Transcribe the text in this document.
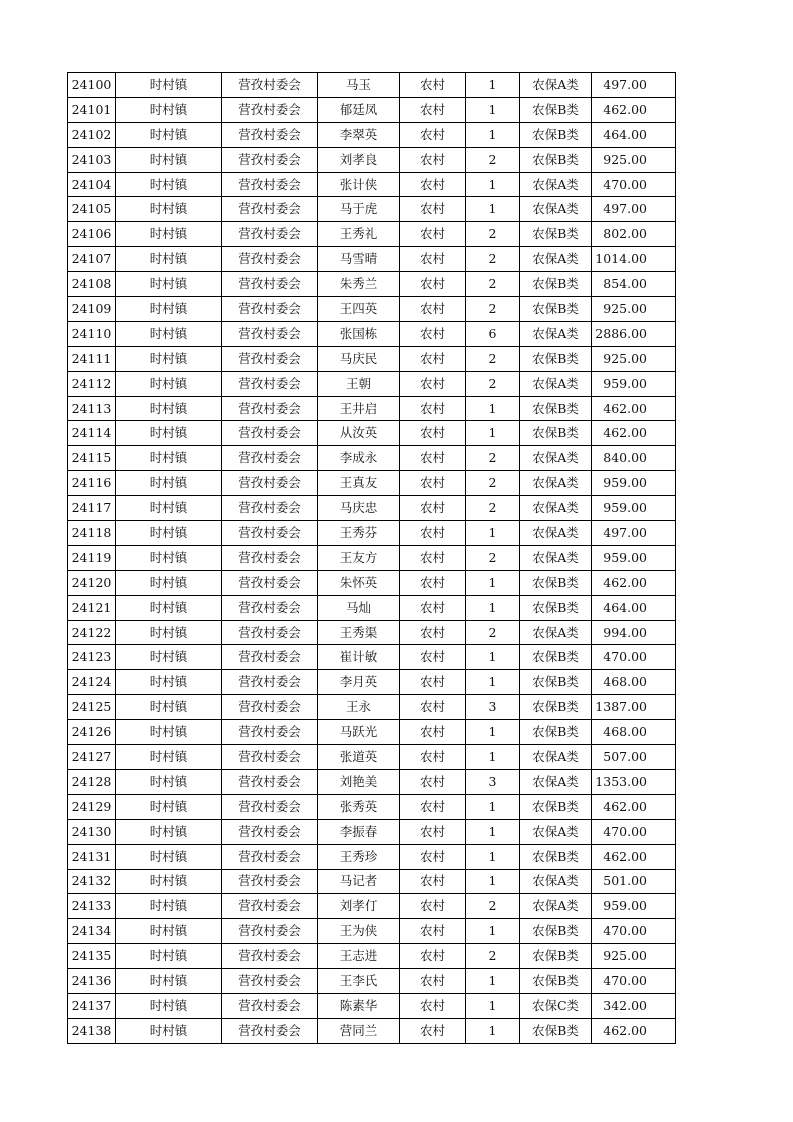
24100	时村镇	营孜村委会	马玉	农村	1	农保A类	497.00
24101	时村镇	营孜村委会	郁廷凤	农村	1	农保B类	462.00
24102	时村镇	营孜村委会	李翠英	农村	1	农保B类	464.00
24103	时村镇	营孜村委会	刘孝良	农村	2	农保B类	925.00
24104	时村镇	营孜村委会	张计侠	农村	1	农保A类	470.00
24105	时村镇	营孜村委会	马于虎	农村	1	农保A类	497.00
24106	时村镇	营孜村委会	王秀礼	农村	2	农保B类	802.00
24107	时村镇	营孜村委会	马雪晴	农村	2	农保A类	1014.00
24108	时村镇	营孜村委会	朱秀兰	农村	2	农保B类	854.00
24109	时村镇	营孜村委会	王四英	农村	2	农保B类	925.00
24110	时村镇	营孜村委会	张国栋	农村	6	农保A类	2886.00
24111	时村镇	营孜村委会	马庆民	农村	2	农保B类	925.00
24112	时村镇	营孜村委会	王朝	农村	2	农保A类	959.00
24113	时村镇	营孜村委会	王井启	农村	1	农保B类	462.00
24114	时村镇	营孜村委会	从汝英	农村	1	农保B类	462.00
24115	时村镇	营孜村委会	李成永	农村	2	农保A类	840.00
24116	时村镇	营孜村委会	王真友	农村	2	农保A类	959.00
24117	时村镇	营孜村委会	马庆忠	农村	2	农保A类	959.00
24118	时村镇	营孜村委会	王秀芬	农村	1	农保A类	497.00
24119	时村镇	营孜村委会	王友方	农村	2	农保A类	959.00
24120	时村镇	营孜村委会	朱怀英	农村	1	农保B类	462.00
24121	时村镇	营孜村委会	马灿	农村	1	农保B类	464.00
24122	时村镇	营孜村委会	王秀渠	农村	2	农保A类	994.00
24123	时村镇	营孜村委会	崔计敏	农村	1	农保B类	470.00
24124	时村镇	营孜村委会	李月英	农村	1	农保B类	468.00
24125	时村镇	营孜村委会	王永	农村	3	农保B类	1387.00
24126	时村镇	营孜村委会	马跃光	农村	1	农保B类	468.00
24127	时村镇	营孜村委会	张道英	农村	1	农保A类	507.00
24128	时村镇	营孜村委会	刘艳美	农村	3	农保A类	1353.00
24129	时村镇	营孜村委会	张秀英	农村	1	农保B类	462.00
24130	时村镇	营孜村委会	李振春	农村	1	农保A类	470.00
24131	时村镇	营孜村委会	王秀珍	农村	1	农保B类	462.00
24132	时村镇	营孜村委会	马记者	农村	1	农保A类	501.00
24133	时村镇	营孜村委会	刘孝仃	农村	2	农保A类	959.00
24134	时村镇	营孜村委会	王为侠	农村	1	农保B类	470.00
24135	时村镇	营孜村委会	王志进	农村	2	农保B类	925.00
24136	时村镇	营孜村委会	王李氏	农村	1	农保B类	470.00
24137	时村镇	营孜村委会	陈素华	农村	1	农保C类	342.00
24138	时村镇	营孜村委会	营同兰	农村	1	农保B类	462.00
